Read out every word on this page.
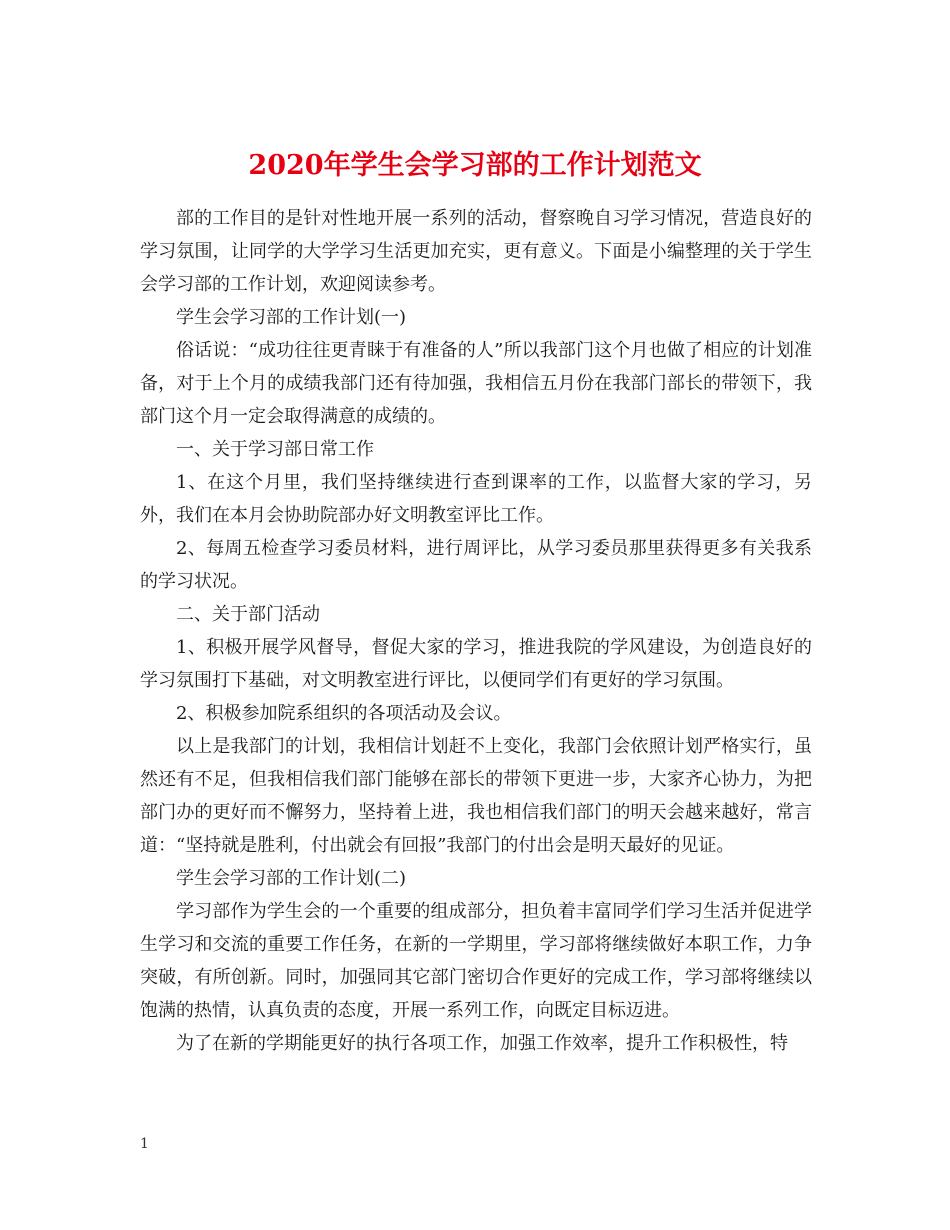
2020年学生会学习部的工作计划范文

部的工作目的是针对性地开展一系列的活动，督察晚自习学习情况，营造良好的学习氛围，让同学的大学学习生活更加充实，更有意义。下面是小编整理的关于学生会学习部的工作计划，欢迎阅读参考。

学生会学习部的工作计划(一)

俗话说：“成功往往更青睐于有准备的人”所以我部门这个月也做了相应的计划准备，对于上个月的成绩我部门还有待加强，我相信五月份在我部门部长的带领下，我部门这个月一定会取得满意的成绩的。

一、关于学习部日常工作

1、在这个月里，我们坚持继续进行查到课率的工作，以监督大家的学习，另外，我们在本月会协助院部办好文明教室评比工作。

2、每周五检查学习委员材料，进行周评比，从学习委员那里获得更多有关我系的学习状况。

二、关于部门活动

1、积极开展学风督导，督促大家的学习，推进我院的学风建设，为创造良好的学习氛围打下基础，对文明教室进行评比，以便同学们有更好的学习氛围。

2、积极参加院系组织的各项活动及会议。

以上是我部门的计划，我相信计划赶不上变化，我部门会依照计划严格实行，虽然还有不足，但我相信我们部门能够在部长的带领下更进一步，大家齐心协力，为把部门办的更好而不懈努力，坚持着上进，我也相信我们部门的明天会越来越好，常言道：“坚持就是胜利，付出就会有回报”我部门的付出会是明天最好的见证。

学生会学习部的工作计划(二)

学习部作为学生会的一个重要的组成部分，担负着丰富同学们学习生活并促进学生学习和交流的重要工作任务，在新的一学期里，学习部将继续做好本职工作，力争突破，有所创新。同时，加强同其它部门密切合作更好的完成工作，学习部将继续以饱满的热情，认真负责的态度，开展一系列工作，向既定目标迈进。

为了在新的学期能更好的执行各项工作，加强工作效率，提升工作积极性，特

1
